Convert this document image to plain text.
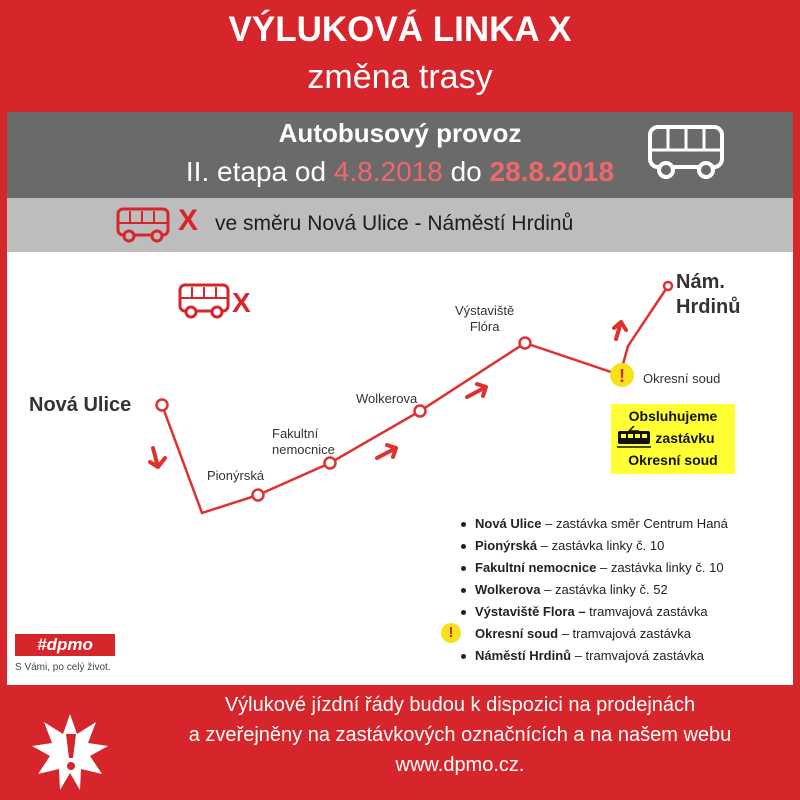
VÝLUKOVÁ LINKA X
změna trasy
Autobusový provoz
II. etapa od 4.8.2018 do 28.8.2018
X ve směru Nová Ulice - Náměstí Hrdinů
!
X
Nová Ulice
Pionýrská
Fakultní
nemocnice
Wolkerova
Výstaviště
Flóra
Okresní soud
Nám.
Hrdinů
Obsluhujeme
zastávku
Okresní soud
Nová Ulice – zastávka směr Centrum Haná
Pionýrská – zastávka linky č. 10
Fakultní nemocnice – zastávka linky č. 10
Wolkerova – zastávka linky č. 52
Výstaviště Flora – tramvajová zastávka
!	Okresní soud – tramvajová zastávka
Náměstí Hrdinů – tramvajová zastávka
#dpmo
S Vámi, po celý život.
Výlukové jízdní řády budou k dispozici na prodejnách
a zveřejněny na zastávkových označnících a na našem webu
www.dpmo.cz.
